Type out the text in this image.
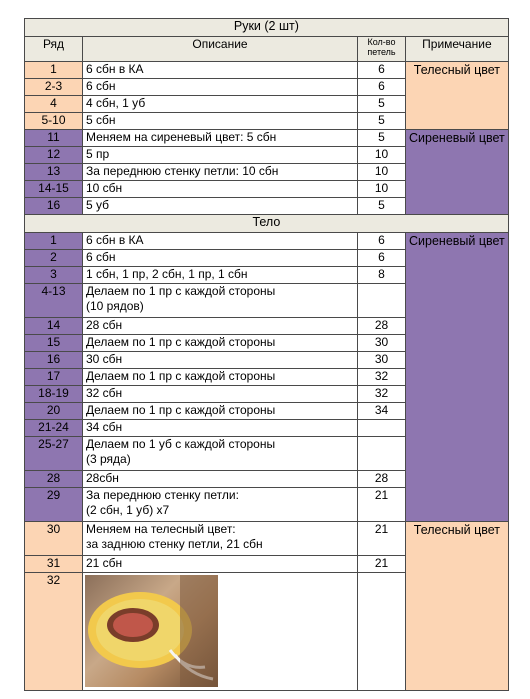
Руки (2 шт)			
Ряд	Описание	Кол-во петель	Примечание
1	6 сбн в КА	6	Телесный цвет
2-3	6 сбн	6	
4	4 сбн, 1 уб	5	
5-10	5 сбн	5	
11	Меняем на сиреневый цвет: 5 сбн	5	Сиреневый цвет
12	5 пр	10	
13	За переднюю стенку петли: 10 сбн	10	
14-15	10 сбн	10	
16	5 уб	5	
Тело			
1	6 сбн в КА	6	Сиреневый цвет
2	6 сбн	6	
3	1 сбн, 1 пр, 2 сбн, 1 пр, 1 сбн	8	
4-13	Делаем по 1 пр с каждой стороны
(10 рядов)		

14	28 сбн	28	
15	Делаем по 1 пр с каждой стороны	30	
16	30 сбн	30	
17	Делаем по 1 пр с каждой стороны	32	
18-19	32 сбн	32	
20	Делаем по 1 пр с каждой стороны	34	
21-24	34 сбн		

25-27	Делаем по 1 уб с каждой стороны
(3 ряда)		

28	28сбн	28	
29	За переднюю стенку петли:
(2 сбн, 1 уб) х7	21	
30	Меняем на телесный цвет:
за заднюю стенку петли, 21 сбн	21	Телесный цвет
31	21 сбн	21	
32	
